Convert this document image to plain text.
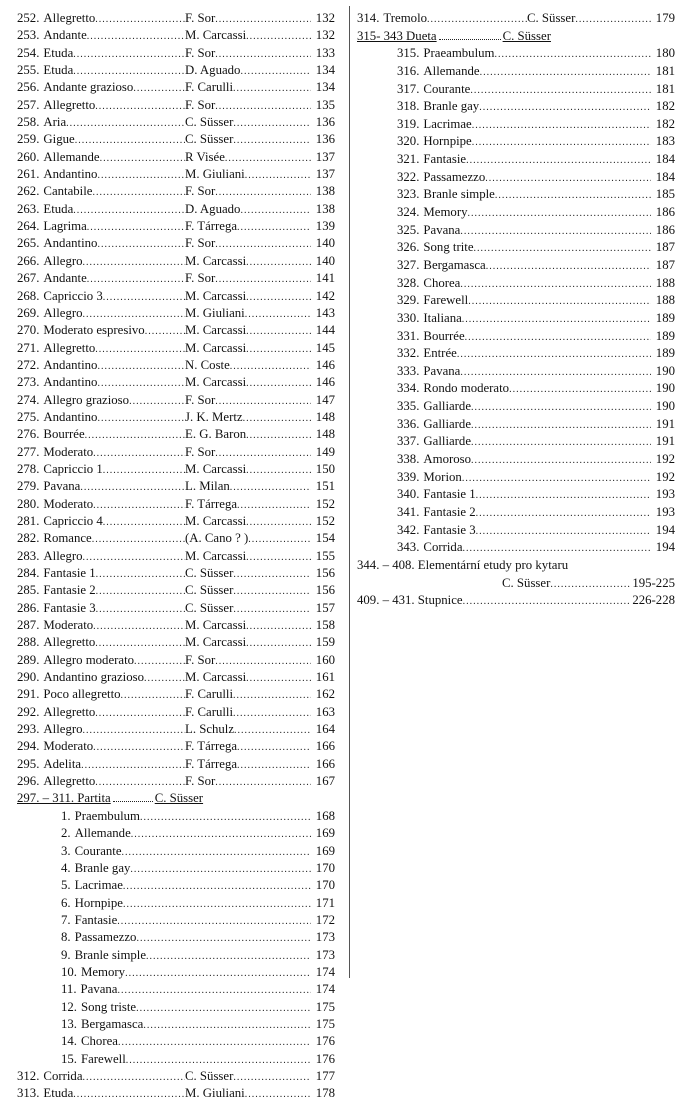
252. Allegretto .....	F. Sor .....	132
253. Andante .....	M. Carcassi .....	132
254. Etuda .....	F. Sor .....	133
255. Etuda .....	D. Aguado .....	134
256. Andante grazioso .....	F. Carulli .....	134
257. Allegretto .....	F. Sor .....	135
258. Aria .....	C. Süsser .....	136
259. Gigue .....	C. Süsser .....	136
260. Allemande .....	R Visée .....	137
261. Andantino .....	M. Giuliani .....	137
262. Cantabile .....	F. Sor .....	138
263. Etuda .....	D. Aguado .....	138
264. Lagrima .....	F. Tárrega .....	139
265. Andantino .....	F. Sor .....	140
266. Allegro .....	M. Carcassi .....	140
267. Andante .....	F. Sor .....	141
268. Capriccio 3 .....	M. Carcassi .....	142
269. Allegro .....	M. Giuliani .....	143
270. Moderato espresivo .....	M. Carcassi .....	144
271. Allegretto .....	M. Carcassi .....	145
272. Andantino .....	N. Coste .....	146
273. Andantino .....	M. Carcassi .....	146
274. Allegro grazioso .....	F. Sor .....	147
275. Andantino .....	J. K. Mertz .....	148
276. Bourrée .....	E. G. Baron .....	148
277. Moderato .....	F. Sor .....	149
278. Capriccio 1 .....	M. Carcassi .....	150
279. Pavana .....	L. Milan .....	151
280. Moderato .....	F. Tárrega .....	152
281. Capriccio 4 .....	M. Carcassi .....	152
282. Romance .....	(A. Cano ? ) .....	154
283. Allegro .....	M. Carcassi .....	155
284. Fantasie 1 .....	C. Süsser .....	156
285. Fantasie 2 .....	C. Süsser .....	156
286. Fantasie 3 .....	C. Süsser .....	157
287. Moderato .....	M. Carcassi .....	158
288. Allegretto .....	M. Carcassi .....	159
289. Allegro moderato .....	F. Sor .....	160
290. Andantino grazioso .....	M. Carcassi .....	161
291. Poco allegretto .....	F. Carulli .....	162
292. Allegretto .....	F. Carulli .....	163
293. Allegro .....	L. Schulz .....	164
294. Moderato .....	F. Tárrega .....	166
295. Adelita .....	F. Tárrega .....	166
296. Allegretto .....	F. Sor .....	167
297. – 311. Partita	C. Süsser
1. Praembulum .....	168
2. Allemande .....	169
3. Courante .....	169
4. Branle gay .....	170
5. Lacrimae .....	170
6. Hornpipe .....	171
7. Fantasie .....	172
8. Passamezzo .....	173
9. Branle simple .....	173
10. Memory .....	174
11. Pavana .....	174
12. Song triste .....	175
13. Bergamasca .....	175
14. Chorea .....	176
15. Farewell .....	176
312. Corrida .....	C. Süsser .....	177
313. Etuda .....	M. Giuliani .....	178
314. Tremolo .....	C. Süsser .....	179
315- 343 Dueta	C. Süsser
315. Praeambulum .....	180
316. Allemande .....	181
317. Courante .....	181
318. Branle gay .....	182
319. Lacrimae .....	182
320. Hornpipe .....	183
321. Fantasie .....	184
322. Passamezzo .....	184
323. Branle simple .....	185
324. Memory .....	186
325. Pavana .....	186
326. Song trite .....	187
327. Bergamasca .....	187
328. Chorea .....	188
329. Farewell .....	188
330. Italiana .....	189
331. Bourrée .....	189
332. Entrée .....	189
333. Pavana .....	190
334. Rondo moderato .....	190
335. Galliarde .....	190
336. Galliarde .....	191
337. Galliarde .....	191
338. Amoroso .....	192
339. Morion .....	192
340. Fantasie 1 .....	193
341. Fantasie 2 .....	193
342. Fantasie 3 .....	194
343. Corrida .....	194
344. – 408. Elementární etudy pro kytaru
C. Süsser .....	195-225
409. – 431. Stupnice .....	226-228
